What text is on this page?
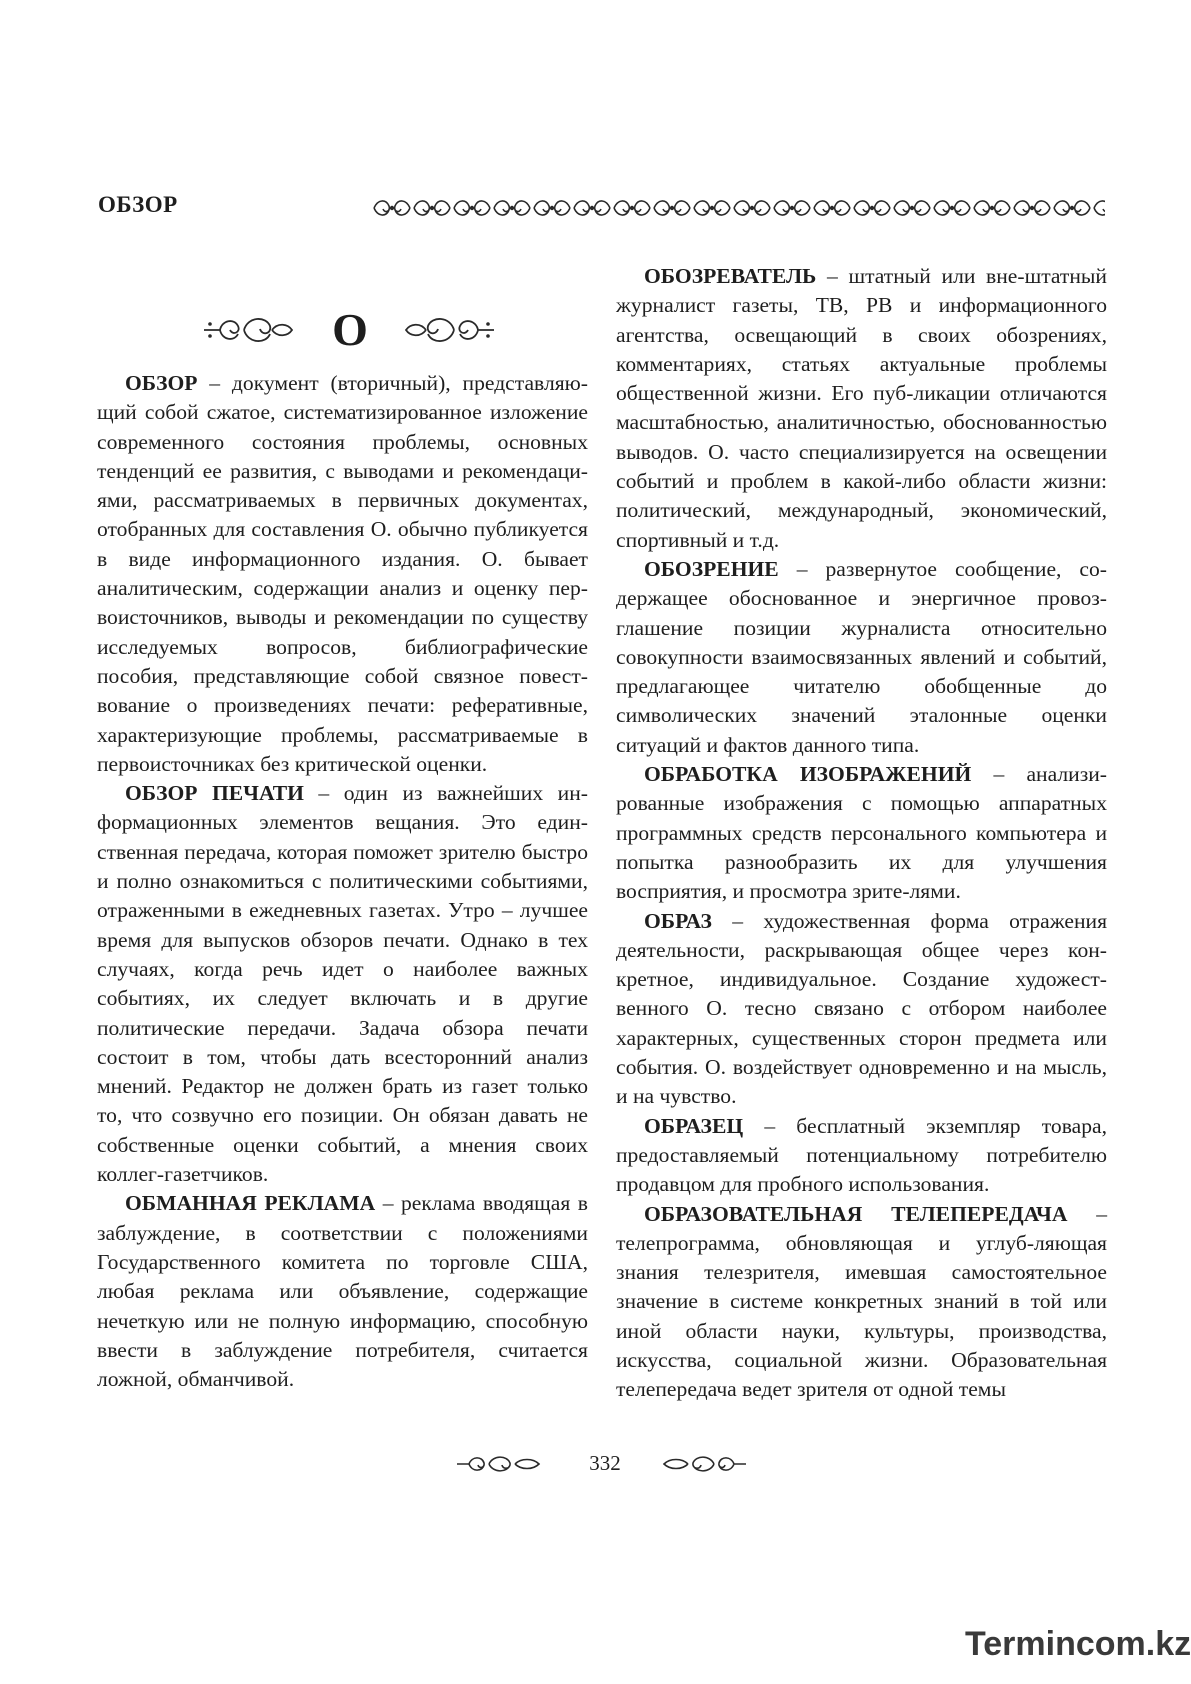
ОБЗОР
О

ОБЗОР – документ (вторичный), представляющий собой сжатое, систематизированное изложение современного состояния проблемы, основных тенденций ее развития, с выводами и рекомендациями, рассматриваемых в первичных документах, отобранных для составления О. обычно публикуется в виде информационного издания. О. бывает аналитическим, содержащии анализ и оценку первоисточников, выводы и рекомендации по существу исследуемых вопросов, библиографические пособия, представляющие собой связное повествование о произведениях печати: реферативные, характеризующие проблемы, рассматриваемые в первоисточниках без критической оценки.

ОБЗОР ПЕЧАТИ – один из важнейших информационных элементов вещания. Это единственная передача, которая поможет зрителю быстро и полно ознакомиться с политическими событиями, отраженными в ежедневных газетах. Утро – лучшее время для выпусков обзоров печати. Однако в тех случаях, когда речь идет о наиболее важных событиях, их следует включать и в другие политические передачи. Задача обзора печати состоит в том, чтобы дать всесторонний анализ мнений. Редактор не должен брать из газет только то, что созвучно его позиции. Он обязан давать не собственные оценки событий, а мнения своих коллег-газетчиков.

ОБМАННАЯ РЕКЛАМА – реклама вводящая в заблуждение, в соответствии с положениями Государственного комитета по торговле США, любая реклама или объявление, содержащие нечеткую или не полную информацию, способную ввести в заблуждение потребителя, считается ложной, обманчивой.

ОБОЗРЕВАТЕЛЬ – штатный или вне-штатный журналист газеты, ТВ, РВ и информационного агентства, освещающий в своих обозрениях, комментариях, статьях актуальные проблемы общественной жизни. Его пуб-ликации отличаются масштабностью, аналитичностью, обоснованностью выводов. О. часто специализируется на освещении событий и проблем в какой-либо области жизни: политический, международный, экономический, спортивный и т.д.

ОБОЗРЕНИЕ – развернутое сообщение, содержащее обоснованное и энергичное провозглашение позиции журналиста относительно совокупности взаимосвязанных явлений и событий, предлагающее читателю обобщенные до символических значений эталонные оценки ситуаций и фактов данного типа.

ОБРАБОТКА ИЗОБРАЖЕНИЙ – анализированные изображения с помощью аппаратных программных средств персонального компьютера и попытка разнообразить их для улучшения восприятия, и просмотра зрите-лями.

ОБРАЗ – художественная форма отражения деятельности, раскрывающая общее через конкретное, индивидуальное. Создание художественного О. тесно связано с отбором наиболее характерных, существенных сторон предмета или события. О. воздействует одновременно и на мысль, и на чувство.

ОБРАЗЕЦ – бесплатный экземпляр товара, предоставляемый потенциальному потребителю продавцом для пробного использования.

ОБРАЗОВАТЕЛЬНАЯ ТЕЛЕПЕРЕДАЧА – телепрограмма, обновляющая и углуб-ляющая знания телезрителя, имевшая самостоятельное значение в системе конкретных знаний в той или иной области науки, культуры, производства, искусства, социальной жизни. Образовательная телепередача ведет зрителя от одной темы

332
Termincom.kz
